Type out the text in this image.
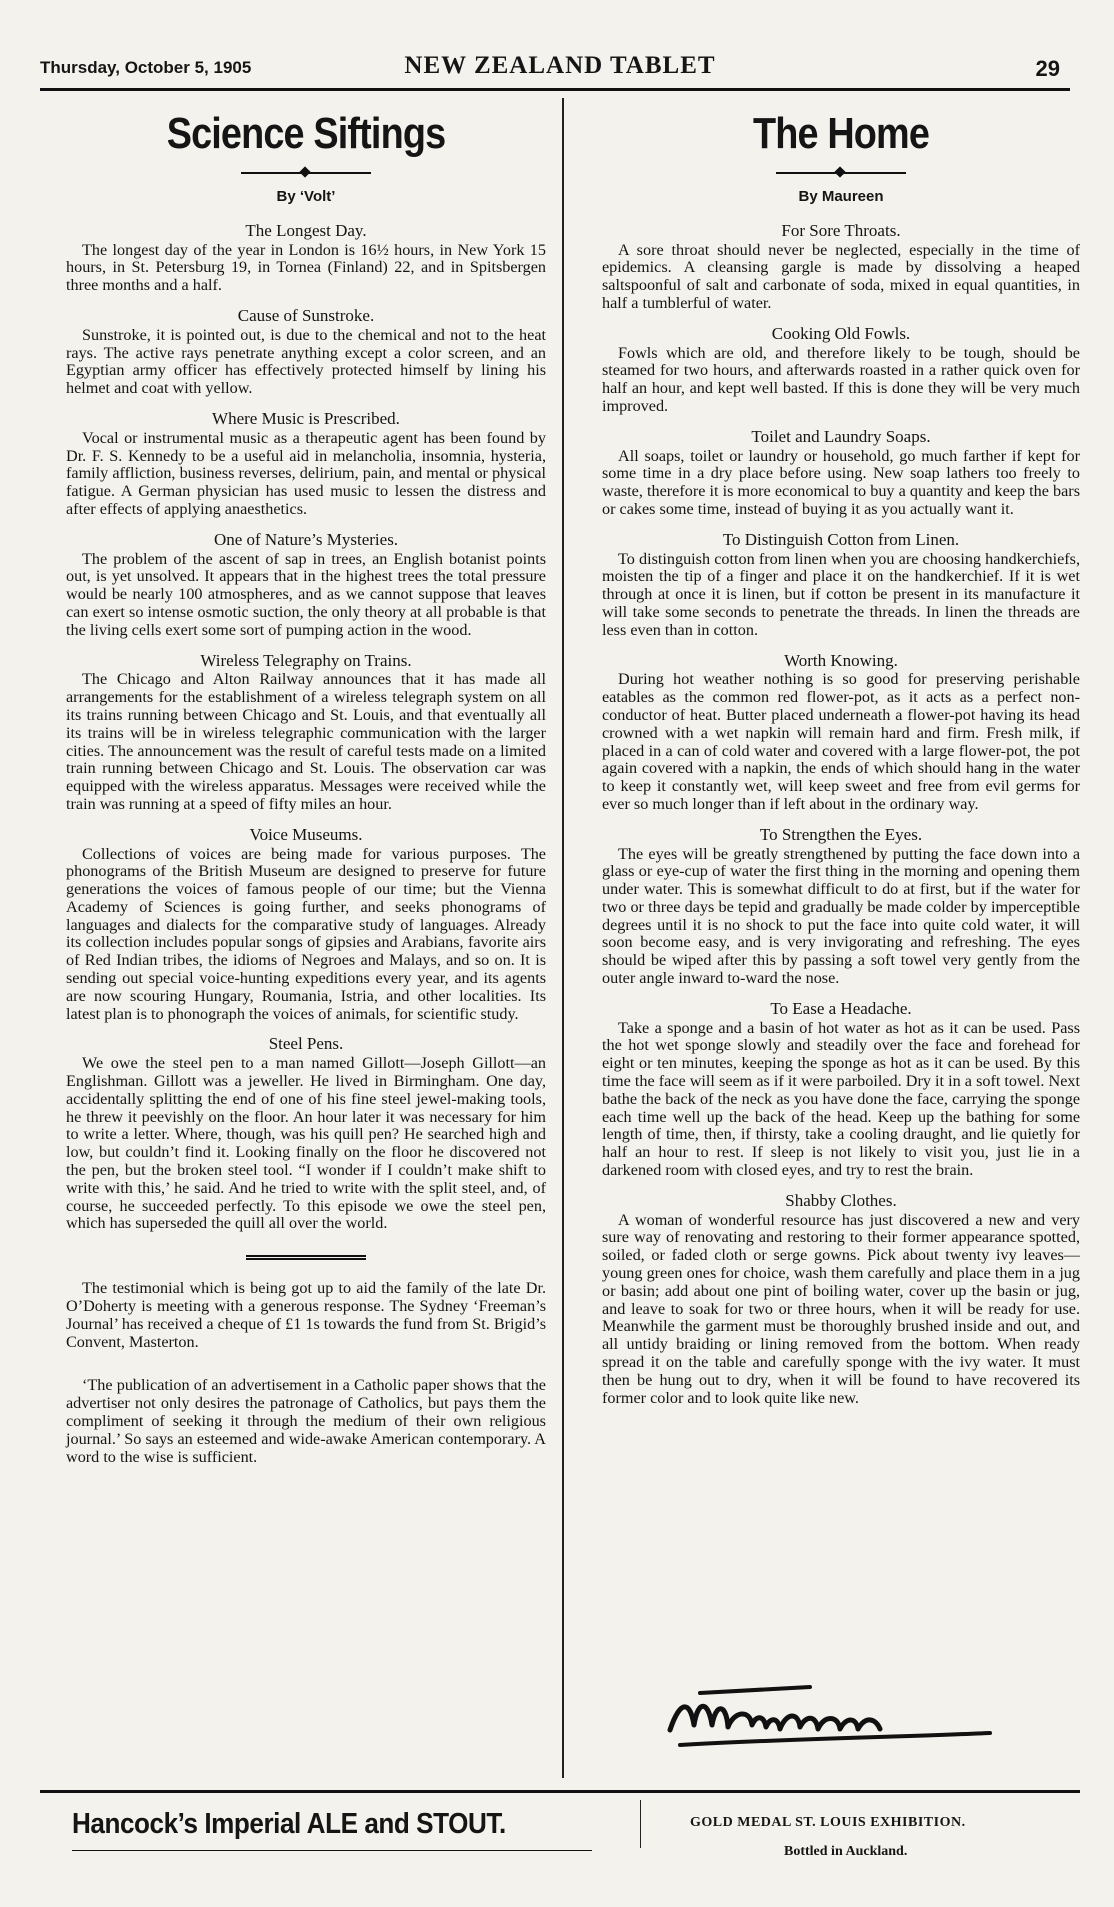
Thursday, October 5, 1905	NEW ZEALAND TABLET	29
Science Siftings
By ‘Volt’
The Longest Day.

The longest day of the year in London is 16½ hours, in New York 15 hours, in St. Petersburg 19, in Tornea (Finland) 22, and in Spitsbergen three months and a half.

Cause of Sunstroke.

Sunstroke, it is pointed out, is due to the chemical and not to the heat rays. The active rays penetrate anything except a color screen, and an Egyptian army officer has effectively protected himself by lining his helmet and coat with yellow.

Where Music is Prescribed.

Vocal or instrumental music as a therapeutic agent has been found by Dr. F. S. Kennedy to be a useful aid in melancholia, insomnia, hysteria, family affliction, business reverses, delirium, pain, and mental or physical fatigue. A German physician has used music to lessen the distress and after effects of applying anaesthetics.

One of Nature’s Mysteries.

The problem of the ascent of sap in trees, an English botanist points out, is yet unsolved. It appears that in the highest trees the total pressure would be nearly 100 atmospheres, and as we cannot suppose that leaves can exert so intense osmotic suction, the only theory at all probable is that the living cells exert some sort of pumping action in the wood.

Wireless Telegraphy on Trains.

The Chicago and Alton Railway announces that it has made all arrangements for the establishment of a wireless telegraph system on all its trains running between Chicago and St. Louis, and that eventually all its trains will be in wireless telegraphic communication with the larger cities. The announcement was the result of careful tests made on a limited train running between Chicago and St. Louis. The observation car was equipped with the wireless apparatus. Messages were received while the train was running at a speed of fifty miles an hour.

Voice Museums.

Collections of voices are being made for various purposes. The phonograms of the British Museum are designed to preserve for future generations the voices of famous people of our time; but the Vienna Academy of Sciences is going further, and seeks phonograms of languages and dialects for the comparative study of languages. Already its collection includes popular songs of gipsies and Arabians, favorite airs of Red Indian tribes, the idioms of Negroes and Malays, and so on. It is sending out special voice-hunting expeditions every year, and its agents are now scouring Hungary, Roumania, Istria, and other localities. Its latest plan is to phonograph the voices of animals, for scientific study.

Steel Pens.

We owe the steel pen to a man named Gillott—Joseph Gillott—an Englishman. Gillott was a jeweller. He lived in Birmingham. One day, accidentally splitting the end of one of his fine steel jewel-making tools, he threw it peevishly on the floor. An hour later it was necessary for him to write a letter. Where, though, was his quill pen? He searched high and low, but couldn’t find it. Looking finally on the floor he discovered not the pen, but the broken steel tool. “I wonder if I couldn’t make shift to write with this,’ he said. And he tried to write with the split steel, and, of course, he succeeded perfectly. To this episode we owe the steel pen, which has superseded the quill all over the world.

The testimonial which is being got up to aid the family of the late Dr. O’Doherty is meeting with a generous response. The Sydney ‘Freeman’s Journal’ has received a cheque of £1 1s towards the fund from St. Brigid’s Convent, Masterton.

‘The publication of an advertisement in a Catholic paper shows that the advertiser not only desires the patronage of Catholics, but pays them the compliment of seeking it through the medium of their own religious journal.’ So says an esteemed and wide-awake American contemporary. A word to the wise is sufficient.

The Home
By Maureen
For Sore Throats.

A sore throat should never be neglected, especially in the time of epidemics. A cleansing gargle is made by dissolving a heaped saltspoonful of salt and carbonate of soda, mixed in equal quantities, in half a tumblerful of water.

Cooking Old Fowls.

Fowls which are old, and therefore likely to be tough, should be steamed for two hours, and afterwards roasted in a rather quick oven for half an hour, and kept well basted. If this is done they will be very much improved.

Toilet and Laundry Soaps.

All soaps, toilet or laundry or household, go much farther if kept for some time in a dry place before using. New soap lathers too freely to waste, therefore it is more economical to buy a quantity and keep the bars or cakes some time, instead of buying it as you actually want it.

To Distinguish Cotton from Linen.

To distinguish cotton from linen when you are choosing handkerchiefs, moisten the tip of a finger and place it on the handkerchief. If it is wet through at once it is linen, but if cotton be present in its manufacture it will take some seconds to penetrate the threads. In linen the threads are less even than in cotton.

Worth Knowing.

During hot weather nothing is so good for preserving perishable eatables as the common red flower-pot, as it acts as a perfect non-conductor of heat. Butter placed underneath a flower-pot having its head crowned with a wet napkin will remain hard and firm. Fresh milk, if placed in a can of cold water and covered with a large flower-pot, the pot again covered with a napkin, the ends of which should hang in the water to keep it constantly wet, will keep sweet and free from evil germs for ever so much longer than if left about in the ordinary way.

To Strengthen the Eyes.

The eyes will be greatly strengthened by putting the face down into a glass or eye-cup of water the first thing in the morning and opening them under water. This is somewhat difficult to do at first, but if the water for two or three days be tepid and gradually be made colder by imperceptible degrees until it is no shock to put the face into quite cold water, it will soon become easy, and is very invigorating and refreshing. The eyes should be wiped after this by passing a soft towel very gently from the outer angle inward to-ward the nose.

To Ease a Headache.

Take a sponge and a basin of hot water as hot as it can be used. Pass the hot wet sponge slowly and steadily over the face and forehead for eight or ten minutes, keeping the sponge as hot as it can be used. By this time the face will seem as if it were parboiled. Dry it in a soft towel. Next bathe the back of the neck as you have done the face, carrying the sponge each time well up the back of the head. Keep up the bathing for some length of time, then, if thirsty, take a cooling draught, and lie quietly for half an hour to rest. If sleep is not likely to visit you, just lie in a darkened room with closed eyes, and try to rest the brain.

Shabby Clothes.

A woman of wonderful resource has just discovered a new and very sure way of renovating and restoring to their former appearance spotted, soiled, or faded cloth or serge gowns. Pick about twenty ivy leaves—young green ones for choice, wash them carefully and place them in a jug or basin; add about one pint of boiling water, cover up the basin or jug, and leave to soak for two or three hours, when it will be ready for use. Meanwhile the garment must be thoroughly brushed inside and out, and all untidy braiding or lining removed from the bottom. When ready spread it on the table and carefully sponge with the ivy water. It must then be hung out to dry, when it will be found to have recovered its former color and to look quite like new.

Hancock’s Imperial ALE and STOUT.	GOLD MEDAL ST. LOUIS EXHIBITION.
Bottled in Auckland.
